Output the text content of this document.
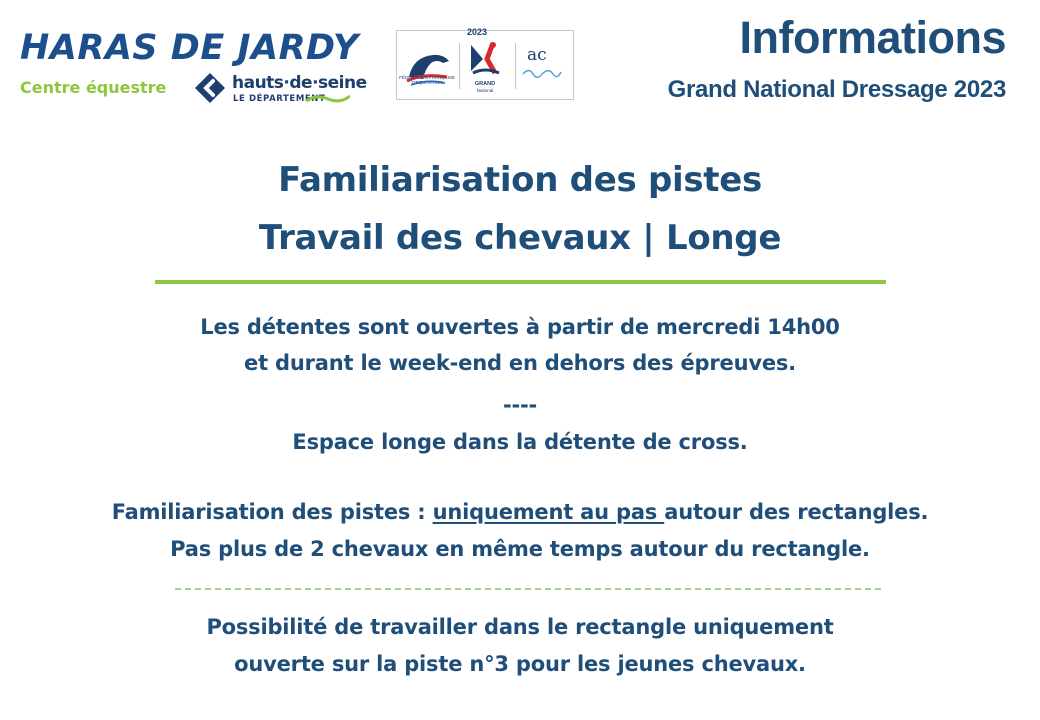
HARAS DE JARDY
Centre équestre	hauts·de·seine
LE DÉPARTEMENT
FÉDÉRATION FRANÇAISE D'ÉQUITATION
2023
GRAND
National
ac	Informations
Grand National Dressage 2023
Familiarisation des pistes
Travail des chevaux | Longe
Les détentes sont ouvertes à partir de mercredi 14h00
et durant le week-end en dehors des épreuves.
----
Espace longe dans la détente de cross.
Familiarisation des pistes : uniquement au pas autour des rectangles.
Pas plus de 2 chevaux en même temps autour du rectangle.
Possibilité de travailler dans le rectangle uniquement
ouverte sur la piste n°3 pour les jeunes chevaux.
